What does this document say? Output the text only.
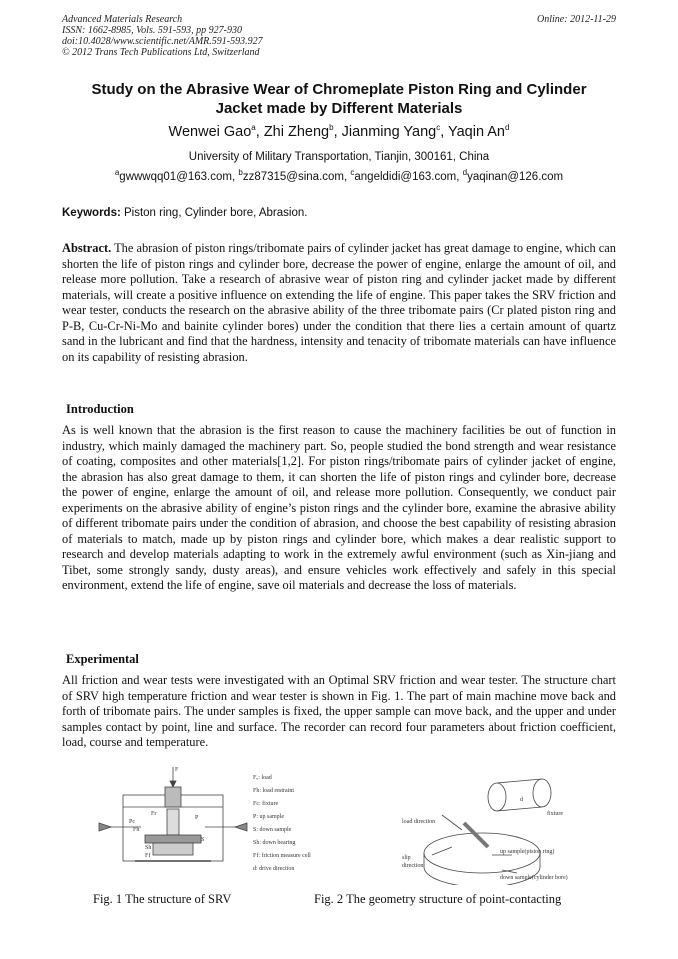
Advanced Materials Research
ISSN: 1662-8985, Vols. 591-593, pp 927-930
doi:10.4028/www.scientific.net/AMR.591-593.927
© 2012 Trans Tech Publications Ltd, Switzerland
Online: 2012-11-29
Study on the Abrasive Wear of Chromeplate Piston Ring and Cylinder
Jacket made by Different Materials
Wenwei Gao$^a$, Zhi Zheng$^b$, Jianming Yang$^c$, Yaqin An$^d$
University of Military Transportation, Tianjin, 300161, China
$^a$gwwwqq01@163.com, $^b$zz87315@sina.com, $^c$angeldidi@163.com, $^d$yaqinan@126.com
Keywords: Piston ring, Cylinder bore, Abrasion.
Abstract. The abrasion of piston rings/tribomate pairs of cylinder jacket has great damage to engine, which can shorten the life of piston rings and cylinder bore, decrease the power of engine, enlarge the amount of oil, and release more pollution. Take a research of abrasive wear of piston ring and cylinder jacket made by different materials, will create a positive influence on extending the life of engine. This paper takes the SRV friction and wear tester, conducts the research on the abrasive ability of the three tribomate pairs (Cr plated piston ring and P-B, Cu-Cr-Ni-Mo and bainite cylinder bores) under the condition that there lies a certain amount of quartz sand in the lubricant and find that the hardness, intensity and tenacity of tribomate materials can have influence on its capability of resisting abrasion.
Introduction
As is well known that the abrasion is the first reason to cause the machinery facilities be out of function in industry, which mainly damaged the machinery part. So, people studied the bond strength and wear resistance of coating, composites and other materials[1,2]. For piston rings/tribomate pairs of cylinder jacket of engine, the abrasion has also great damage to them, it can shorten the life of piston rings and cylinder bore, decrease the power of engine, enlarge the amount of oil, and release more pollution. Consequently, we conduct pair experiments on the abrasive ability of engine’s piston rings and the cylinder bore, examine the abrasive ability of different tribomate pairs under the condition of abrasion, and choose the best capability of resisting abrasion of materials to match, made up by piston rings and cylinder bore, which makes a dear realistic support to research and develop materials adapting to work in the extremely awful environment (such as Xin-jiang and Tibet, some strongly sandy, dusty areas), and ensure vehicles work effectively and safely in this special environment, extend the life of engine, save oil materials and decrease the loss of materials.
Experimental
All friction and wear tests were investigated with an Optimal SRV friction and wear tester. The structure chart of SRV high temperature friction and wear tester is shown in Fig. 1. The part of main machine move back and forth of tribomate pairs. The under samples is fixed, the upper sample can move back, and the upper and under samples contact by point, line and surface. The recorder can record four parameters about friction coefficient, load, course and temperature.
F
Fr
Pc
P
S
Sh
Ff
Fh
Fᵤ: load
Fh: load restraint
Fc: fixture
P: up sample
S: down sample
Sh: down bearing
Ff: friction measure cell
d: drive direction
load direction
fixture
d
slip
direction
up sample(piston ring)
down sample(cylinder bore)
Fig. 1 The structure of SRV	Fig. 2 The geometry structure of point-contacting
